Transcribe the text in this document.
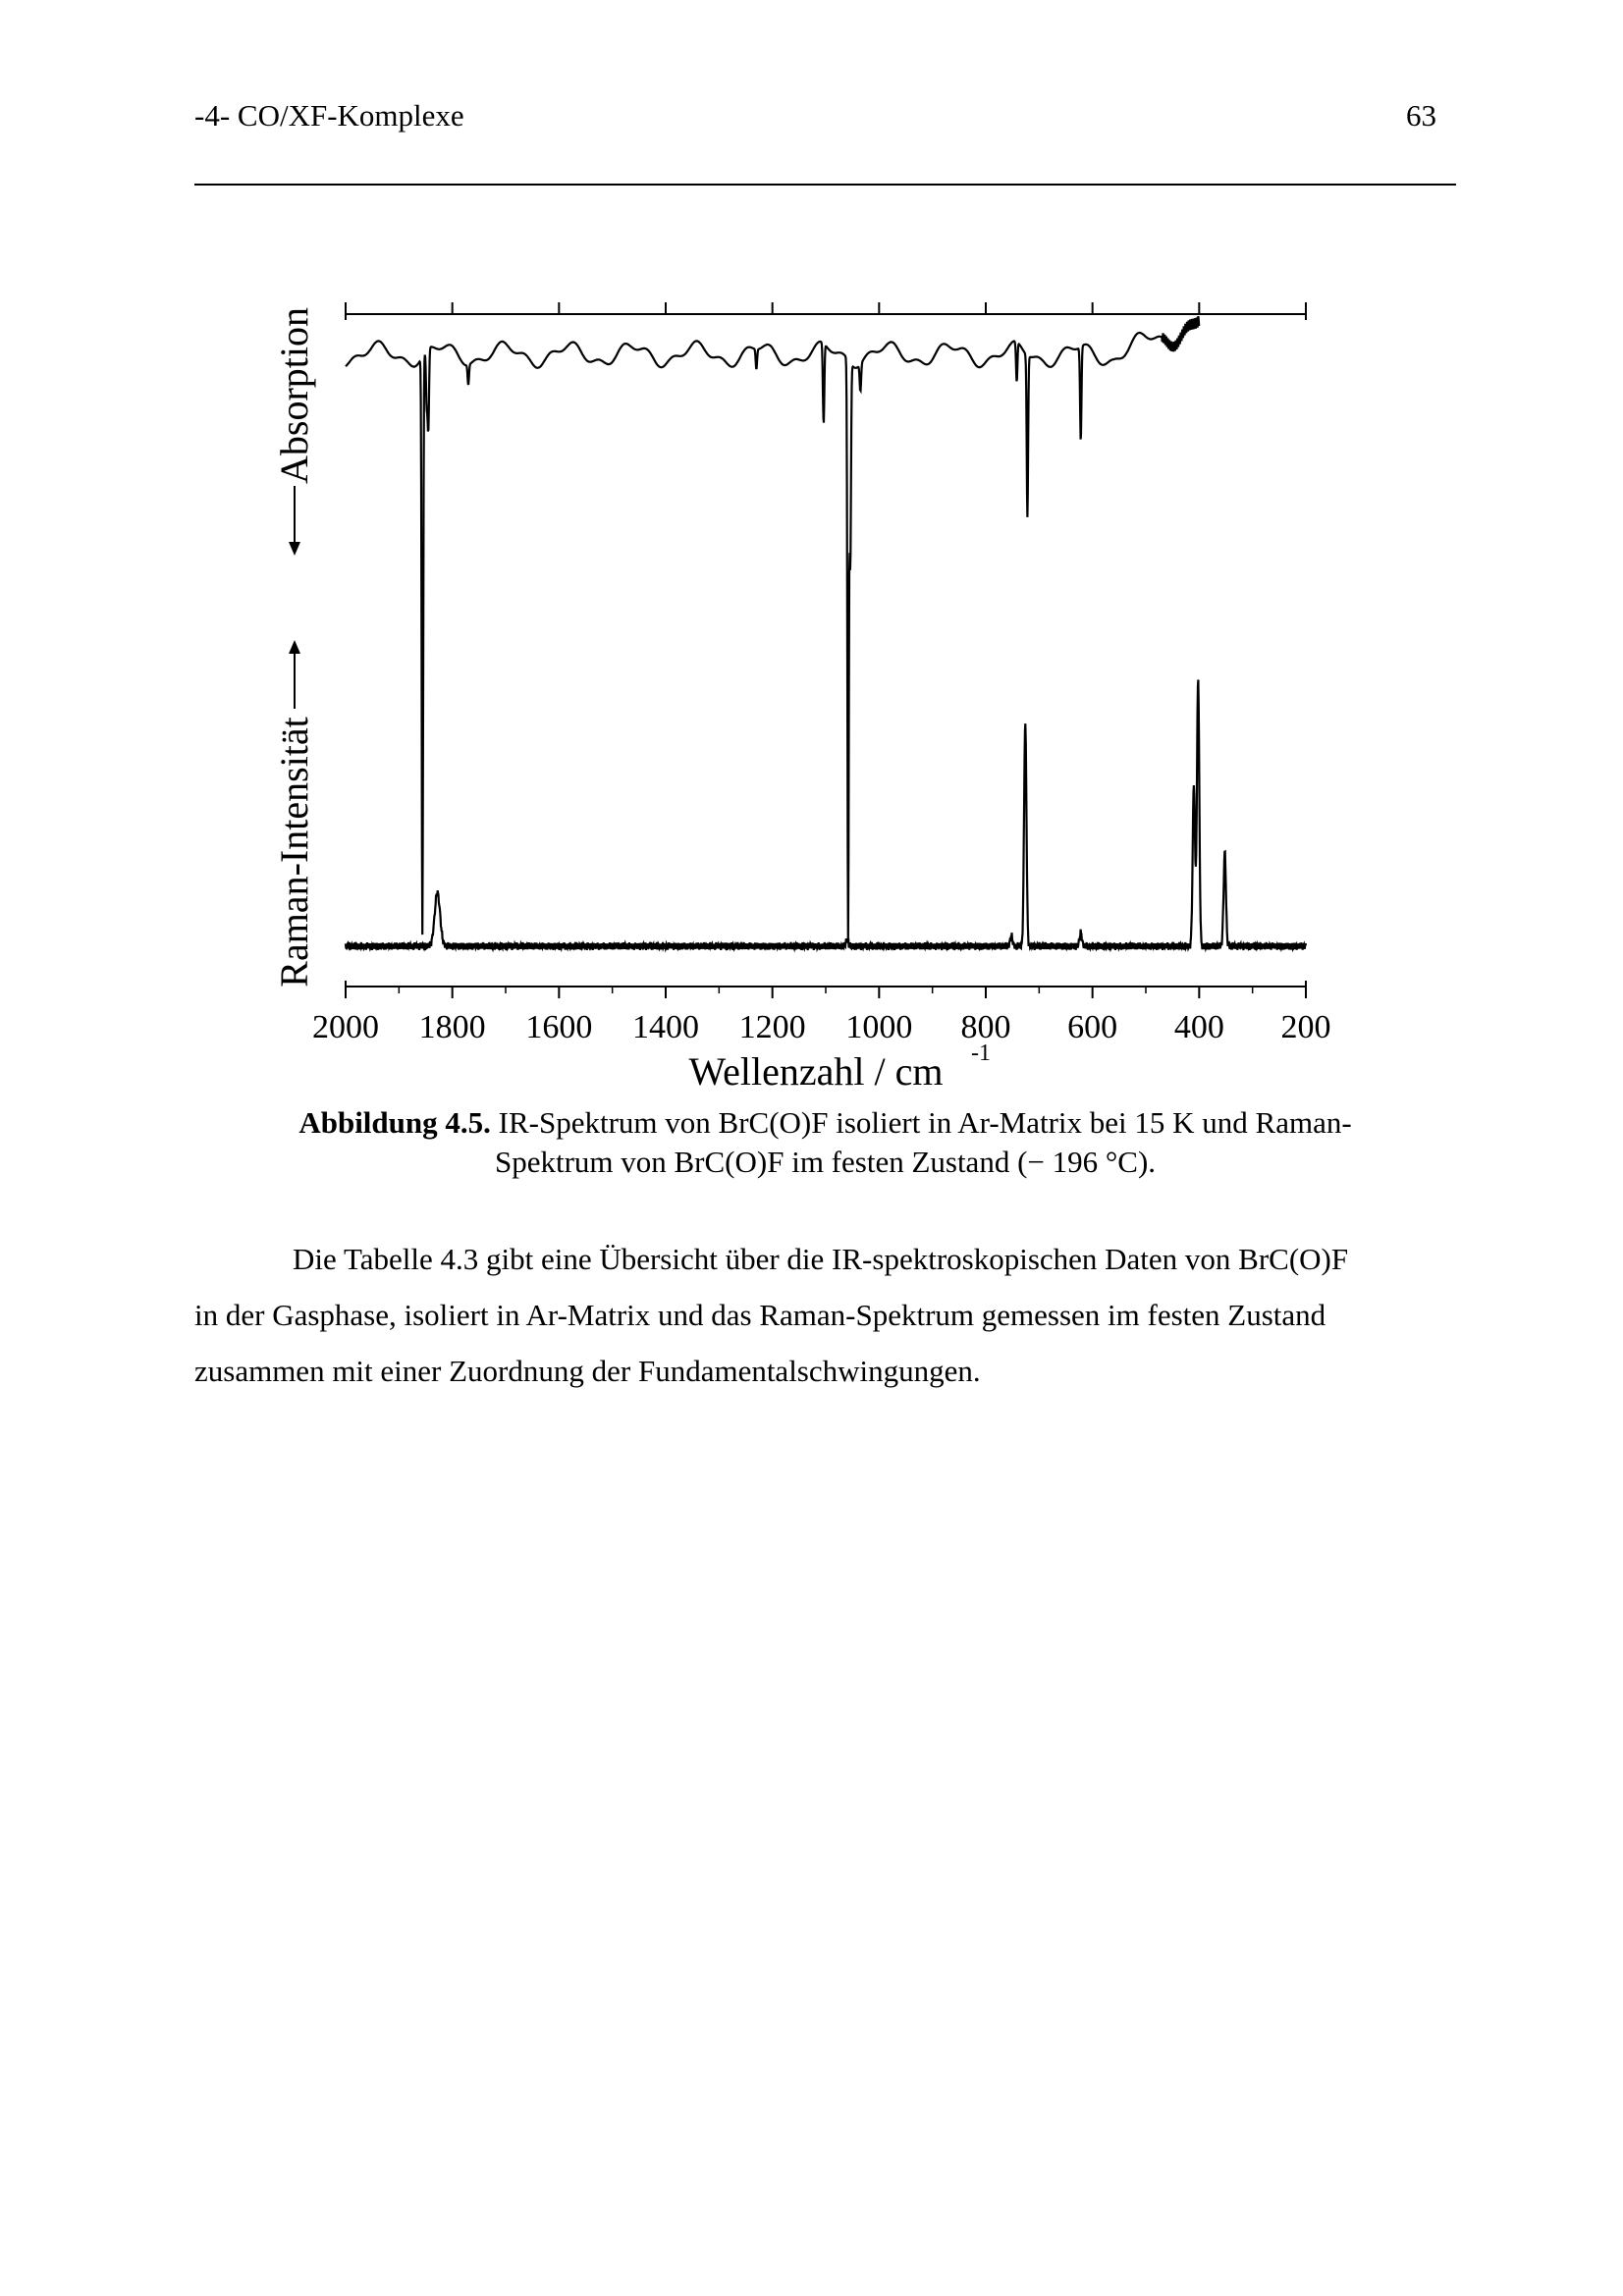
-4- CO/XF-Komplexe	63
2000 1800 1600 1400 1200 1000 800 600 400 200
Wellenzahl / cm -1
Absorption
Raman-Intensität
Abbildung 4.5. IR-Spektrum von BrC(O)F isoliert in Ar-Matrix bei 15 K und Raman-
Spektrum von BrC(O)F im festen Zustand (− 196 °C).
Die Tabelle 4.3 gibt eine Übersicht über die IR-spektroskopischen Daten von BrC(O)F
in der Gasphase, isoliert in Ar-Matrix und das Raman-Spektrum gemessen im festen Zustand
zusammen mit einer Zuordnung der Fundamentalschwingungen.
